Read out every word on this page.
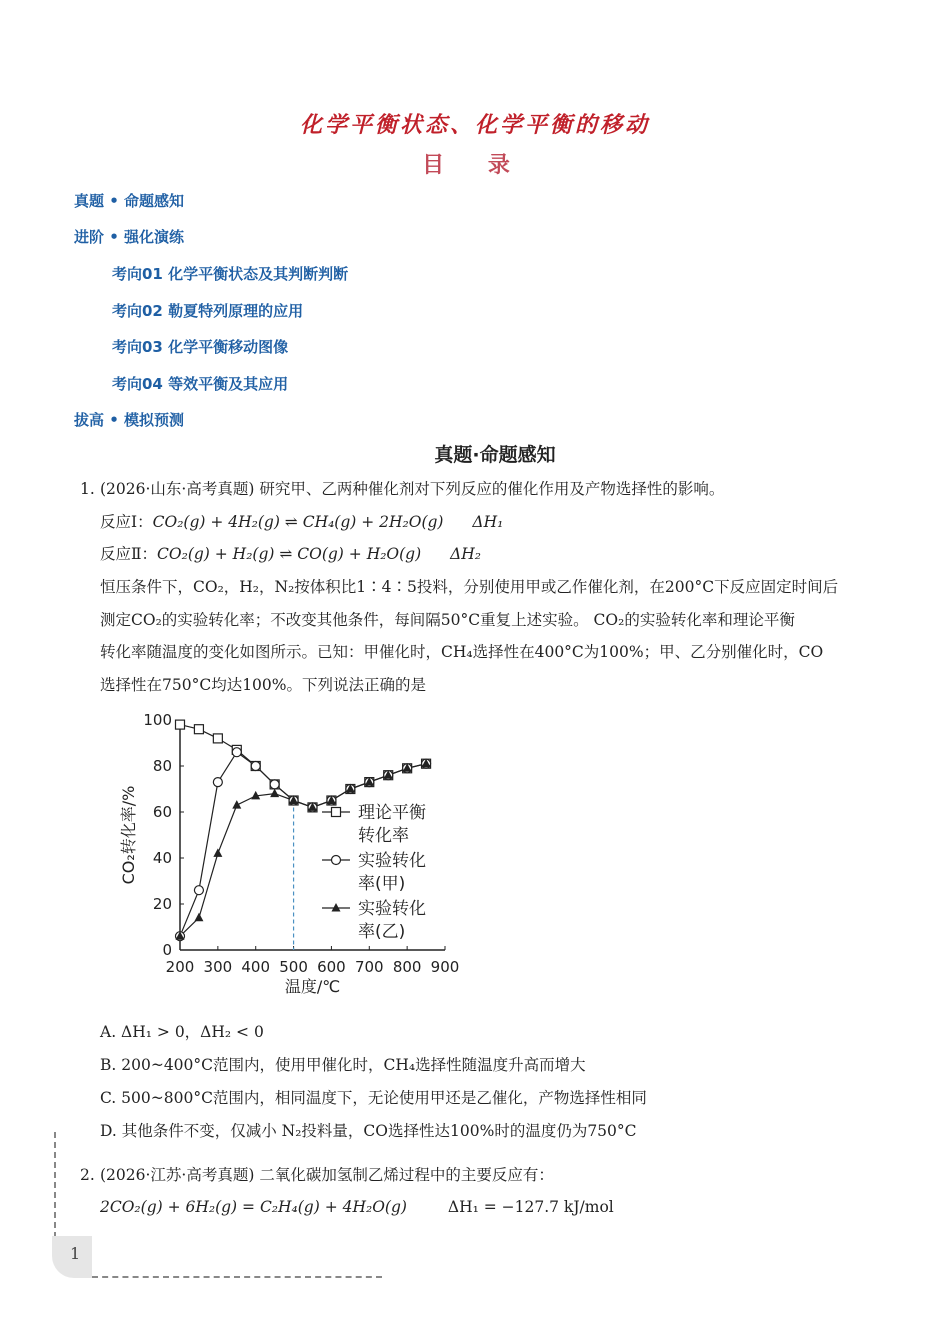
化学平衡状态、化学平衡的移动
目 录
真题 • 命题感知
进阶 • 强化演练
考向01 化学平衡状态及其判断判断
考向02 勒夏特列原理的应用
考向03 化学平衡移动图像
考向04 等效平衡及其应用
拔高 • 模拟预测
真题·命题感知
1. (2026·山东·高考真题) 研究甲、乙两种催化剂对下列反应的催化作用及产物选择性的影响。
反应Ⅰ：CO₂(g) + 4H₂(g) ⇌ CH₄(g) + 2H₂O(g) ΔH₁
反应Ⅱ：CO₂(g) + H₂(g) ⇌ CO(g) + H₂O(g) ΔH₂
恒压条件下，CO₂，H₂，N₂按体积比1∶4∶5投料，分别使用甲或乙作催化剂，在200°C下反应固定时间后
测定CO₂的实验转化率；不改变其他条件，每间隔50°C重复上述实验。 CO₂的实验转化率和理论平衡
转化率随温度的变化如图所示。已知：甲催化时，CH₄选择性在400°C为100%；甲、乙分别催化时，CO
选择性在750°C均达100%。下列说法正确的是
200 300 400 500 600 700 800 900
0
20
40
60
80
100
温度/℃
CO₂转化率/%	理论平衡
转化率
实验转化
率(甲)
实验转化
率(乙)
A. ΔH₁ > 0，ΔH₂ < 0
B. 200~400°C范围内，使用甲催化时，CH₄选择性随温度升高而增大
C. 500~800°C范围内，相同温度下，无论使用甲还是乙催化，产物选择性相同
D. 其他条件不变，仅减小 N₂投料量，CO选择性达100%时的温度仍为750°C
2. (2026·江苏·高考真题) 二氧化碳加氢制乙烯过程中的主要反应有：
2CO₂(g) + 6H₂(g) = C₂H₄(g) + 4H₂O(g)	ΔH₁ = −127.7 kJ/mol
1
